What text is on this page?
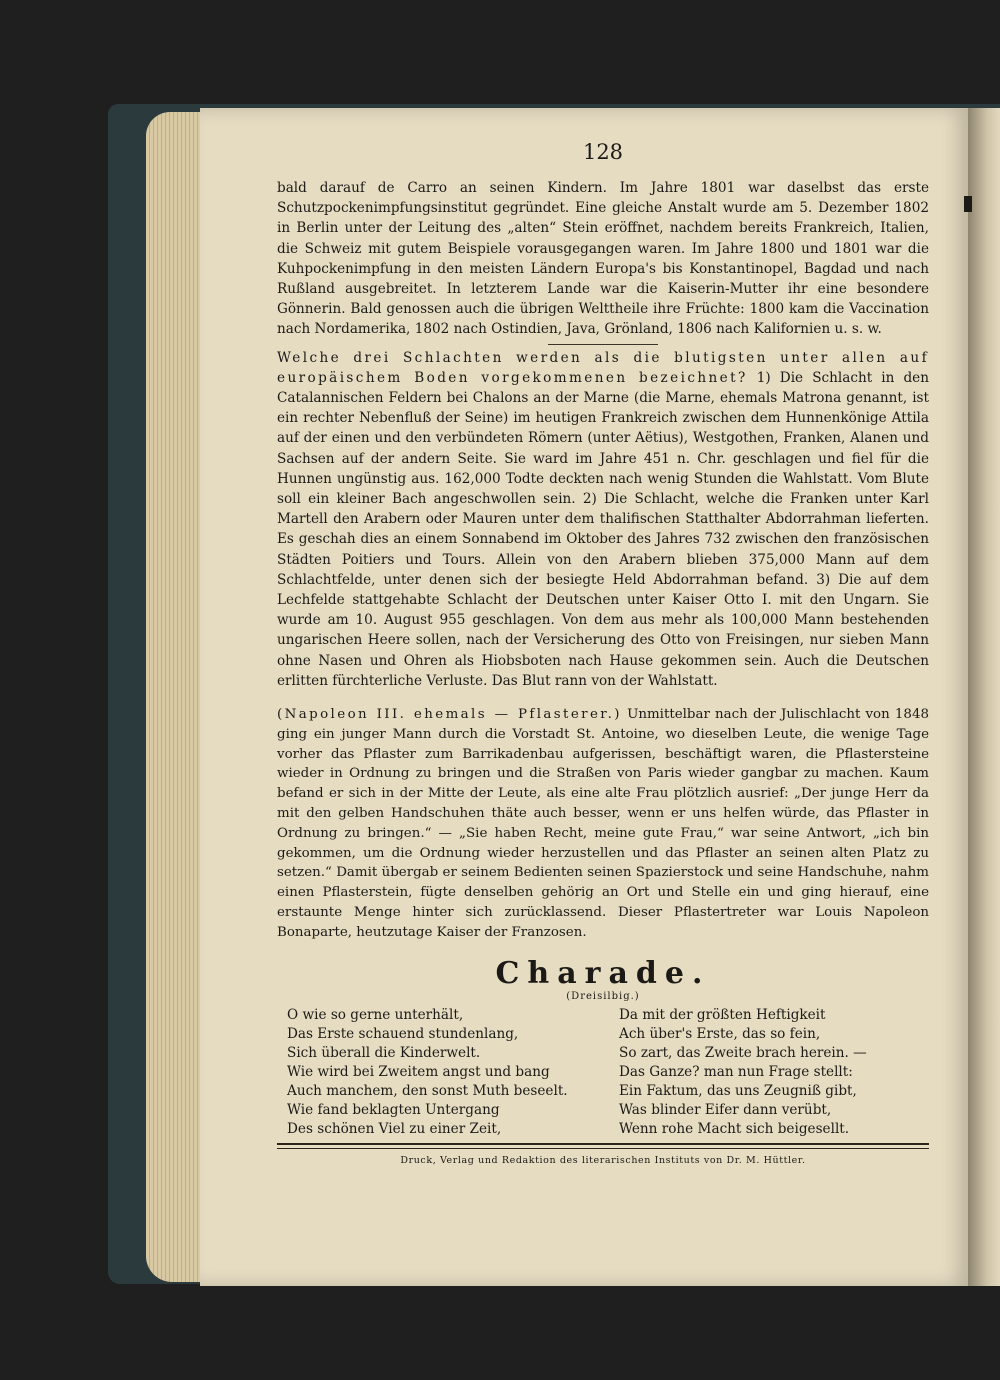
128

bald darauf de Carro an seinen Kindern. Im Jahre 1801 war daselbst das erste Schutzpockenimpfungsinstitut gegründet. Eine gleiche Anstalt wurde am 5. Dezember 1802 in Berlin unter der Leitung des „alten“ Stein eröffnet, nachdem bereits Frankreich, Italien, die Schweiz mit gutem Beispiele vorausgegangen waren. Im Jahre 1800 und 1801 war die Kuhpockenimpfung in den meisten Ländern Europa's bis Konstantinopel, Bagdad und nach Rußland ausgebreitet. In letzterem Lande war die Kaiserin-Mutter ihr eine besondere Gönnerin. Bald genossen auch die übrigen Welttheile ihre Früchte: 1800 kam die Vaccination nach Nordamerika, 1802 nach Ostindien, Java, Grönland, 1806 nach Kalifornien u. s. w.

Welche drei Schlachten werden als die blutigsten unter allen auf europäischem Boden vorgekommenen bezeichnet? 1) Die Schlacht in den Catalannischen Feldern bei Chalons an der Marne (die Marne, ehemals Matrona genannt, ist ein rechter Nebenfluß der Seine) im heutigen Frankreich zwischen dem Hunnenkönige Attila auf der einen und den verbündeten Römern (unter Aëtius), Westgothen, Franken, Alanen und Sachsen auf der andern Seite. Sie ward im Jahre 451 n. Chr. geschlagen und fiel für die Hunnen ungünstig aus. 162,000 Todte deckten nach wenig Stunden die Wahlstatt. Vom Blute soll ein kleiner Bach angeschwollen sein. 2) Die Schlacht, welche die Franken unter Karl Martell den Arabern oder Mauren unter dem thalifischen Statthalter Abdorrahman lieferten. Es geschah dies an einem Sonnabend im Oktober des Jahres 732 zwischen den französischen Städten Poitiers und Tours. Allein von den Arabern blieben 375,000 Mann auf dem Schlachtfelde, unter denen sich der besiegte Held Abdorrahman befand. 3) Die auf dem Lechfelde stattgehabte Schlacht der Deutschen unter Kaiser Otto I. mit den Ungarn. Sie wurde am 10. August 955 geschlagen. Von dem aus mehr als 100,000 Mann bestehenden ungarischen Heere sollen, nach der Versicherung des Otto von Freisingen, nur sieben Mann ohne Nasen und Ohren als Hiobsboten nach Hause gekommen sein. Auch die Deutschen erlitten fürchterliche Verluste. Das Blut rann von der Wahlstatt.

(Napoleon III. ehemals — Pflasterer.) Unmittelbar nach der Julischlacht von 1848 ging ein junger Mann durch die Vorstadt St. Antoine, wo dieselben Leute, die wenige Tage vorher das Pflaster zum Barrikadenbau aufgerissen, beschäftigt waren, die Pflastersteine wieder in Ordnung zu bringen und die Straßen von Paris wieder gangbar zu machen. Kaum befand er sich in der Mitte der Leute, als eine alte Frau plötzlich ausrief: „Der junge Herr da mit den gelben Handschuhen thäte auch besser, wenn er uns helfen würde, das Pflaster in Ordnung zu bringen.“ — „Sie haben Recht, meine gute Frau,“ war seine Antwort, „ich bin gekommen, um die Ordnung wieder herzustellen und das Pflaster an seinen alten Platz zu setzen.“ Damit übergab er seinem Bedienten seinen Spazierstock und seine Handschuhe, nahm einen Pflasterstein, fügte denselben gehörig an Ort und Stelle ein und ging hierauf, eine erstaunte Menge hinter sich zurücklassend. Dieser Pflastertreter war Louis Napoleon Bonaparte, heutzutage Kaiser der Franzosen.

Charade.
(Dreisilbig.)
O wie so gerne unterhält,
Das Erste schauend stundenlang,
Sich überall die Kinderwelt.
Wie wird bei Zweitem angst und bang
Auch manchem, den sonst Muth beseelt.
Wie fand beklagten Untergang
Des schönen Viel zu einer Zeit,
Da mit der größten Heftigkeit
Ach über's Erste, das so fein,
So zart, das Zweite brach herein. —
Das Ganze? man nun Frage stellt:
Ein Faktum, das uns Zeugniß gibt,
Was blinder Eifer dann verübt,
Wenn rohe Macht sich beigesellt.
Druck, Verlag und Redaktion des literarischen Instituts von Dr. M. Hüttler.
